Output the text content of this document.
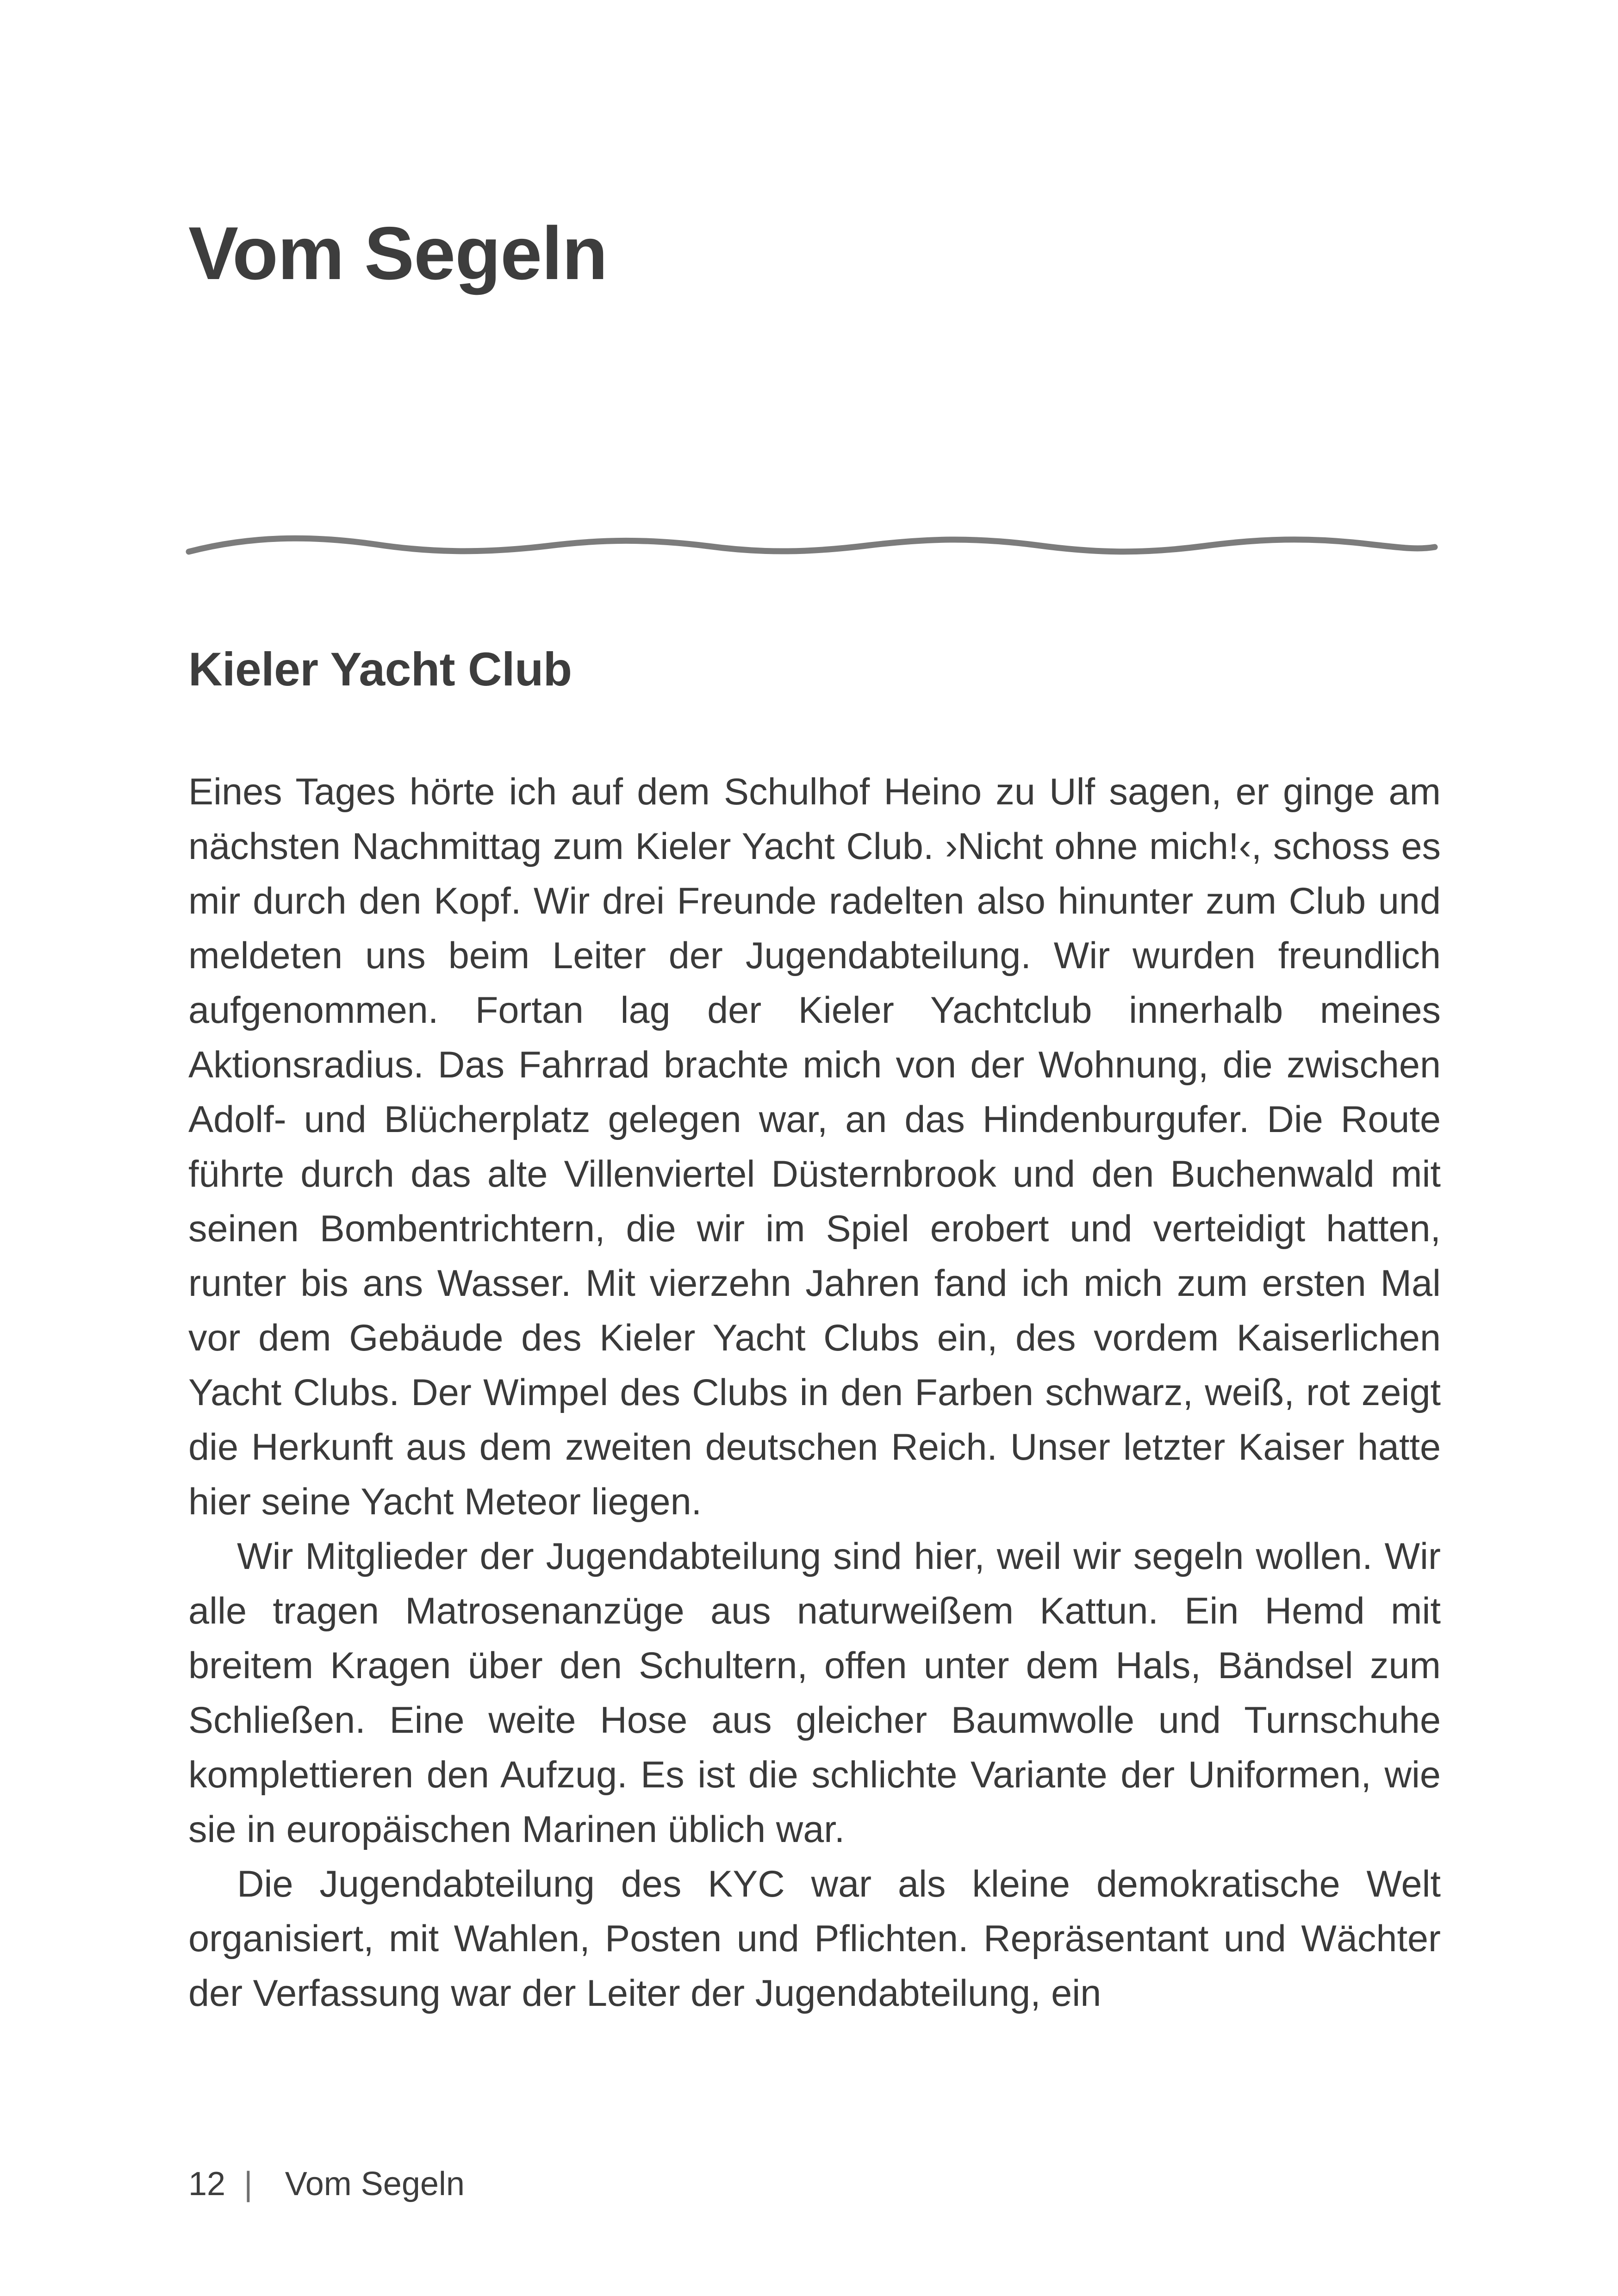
Vom Segeln
Kieler Yacht Club

Eines Tages hörte ich auf dem Schulhof Heino zu Ulf sagen, er ginge am nächsten Nachmittag zum Kieler Yacht Club. ›Nicht ohne mich!‹, schoss es mir durch den Kopf. Wir drei Freunde radelten also hinunter zum Club und meldeten uns beim Leiter der Jugendabteilung. Wir wurden freundlich aufgenommen. Fortan lag der Kieler Yachtclub innerhalb meines Aktionsradius. Das Fahrrad brachte mich von der Wohnung, die zwischen Adolf- und Blücherplatz gelegen war, an das Hindenburgufer. Die Route führte durch das alte Villenviertel Düsternbrook und den Buchenwald mit seinen Bombentrichtern, die wir im Spiel erobert und verteidigt hatten, runter bis ans Wasser. Mit vierzehn Jahren fand ich mich zum ersten Mal vor dem Gebäude des Kieler Yacht Clubs ein, des vordem Kaiserlichen Yacht Clubs. Der Wimpel des Clubs in den Farben schwarz, weiß, rot zeigt die Herkunft aus dem zweiten deutschen Reich. Unser letzter Kaiser hatte hier seine Yacht Meteor liegen.

Wir Mitglieder der Jugendabteilung sind hier, weil wir segeln wollen. Wir alle tragen Matrosenanzüge aus naturweißem Kattun. Ein Hemd mit breitem Kragen über den Schultern, offen unter dem Hals, Bändsel zum Schließen. Eine weite Hose aus gleicher Baumwolle und Turnschuhe komplettieren den Aufzug. Es ist die schlichte Variante der Uniformen, wie sie in europäischen Marinen üblich war.

Die Jugendabteilung des KYC war als kleine demokratische Welt organisiert, mit Wahlen, Posten und Pflichten. Repräsentant und Wächter der Verfassung war der Leiter der Jugendabteilung, ein

12 | Vom Segeln
